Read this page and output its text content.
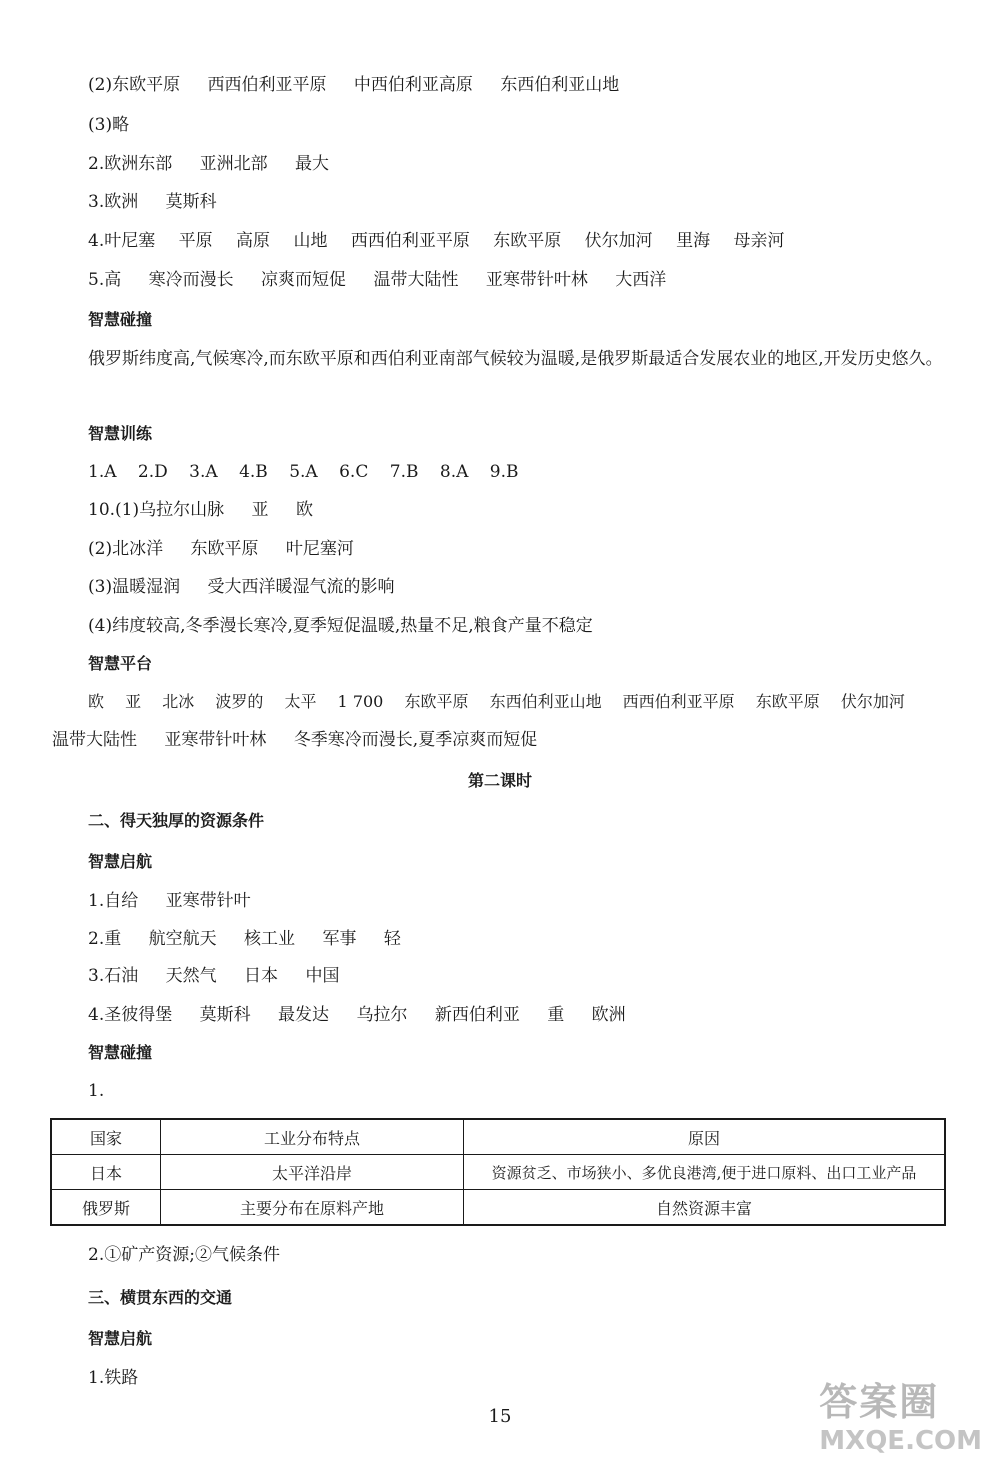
(2)东欧平原 西西伯利亚平原 中西伯利亚高原 东西伯利亚山地
(3)略
2.欧洲东部 亚洲北部 最大
3.欧洲 莫斯科
4.叶尼塞 平原 高原 山地 西西伯利亚平原 东欧平原 伏尔加河 里海 母亲河
5.高 寒冷而漫长 凉爽而短促 温带大陆性 亚寒带针叶林 大西洋
智慧碰撞
俄罗斯纬度高,气候寒冷,而东欧平原和西伯利亚南部气候较为温暖,是俄罗斯最适合发展农业的地区,开发历史悠久。
智慧训练
1.A 2.D 3.A 4.B 5.A 6.C 7.B 8.A 9.B
10.(1)乌拉尔山脉 亚 欧
(2)北冰洋 东欧平原 叶尼塞河
(3)温暖湿润 受大西洋暖湿气流的影响
(4)纬度较高,冬季漫长寒冷,夏季短促温暖,热量不足,粮食产量不稳定
智慧平台
欧 亚 北冰 波罗的 太平 1 700 东欧平原 东西伯利亚山地 西西伯利亚平原 东欧平原 伏尔加河
温带大陆性 亚寒带针叶林 冬季寒冷而漫长,夏季凉爽而短促
第二课时
二、得天独厚的资源条件
智慧启航
1.自给 亚寒带针叶
2.重 航空航天 核工业 军事 轻
3.石油 天然气 日本 中国
4.圣彼得堡 莫斯科 最发达 乌拉尔 新西伯利亚 重 欧洲
智慧碰撞
1.
国家	工业分布特点	原因
日本	太平洋沿岸	资源贫乏、市场狭小、多优良港湾,便于进口原料、出口工业产品
俄罗斯	主要分布在原料产地	自然资源丰富
2.①矿产资源;②气候条件
三、横贯东西的交通
智慧启航
1.铁路
15	答案圈
MXQE.COM
